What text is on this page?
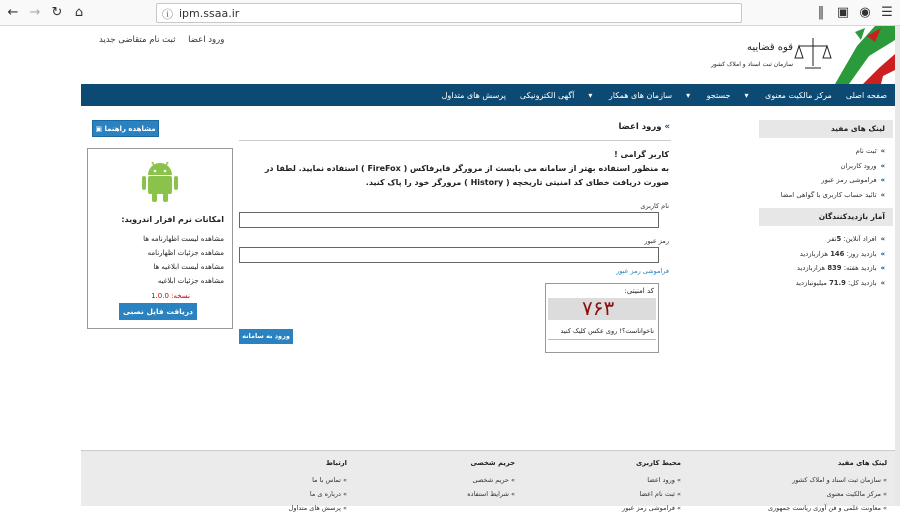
← → ↻ ⌂	ⓘ ipm.ssaa.ir	‖ ▣ ◉ ☰
ورود اعضا ثبت نام متقاضی جدید
قوه قضاییه
سازمان ثبت اسناد و املاک کشور
صفحه اصلی
▾ مرکز مالکیت معنوی
▾ جستجو
▾ سازمان های همکار
آگهی الکترونیکی
پرسش های متداول
لینک های مفید
»ثبت نام
»ورود کاربران
»فراموشی رمز عبور
»تائید حساب کاربری با گواهی امضا
آمار بازدیدکنندگان
»افراد آنلاین: 5نفر
»بازدید روز: 146 هزاربازدید
»بازدید هفته: 839 هزاربازدید
»بازدید کل: 71.9 میلیونبازدید
▣ مشاهده راهنما	» ورود اعضا
کاربر گرامی !
به منظور استفاده بهتر از سامانه می بایست از مرورگر فایرفاکس ( FireFox ) استفاده نمایید. لطفا در صورت دریافت خطای کد امنیتی تاریخچه ( History ) مرورگر خود را پاک کنید.
نام کاربری
رمز عبور
فراموشی رمز عبور
کد امنیتی:
۷۶۳
ناخواناست؟! روی عکس کلیک کنید
ورود به سامانه
امکانات نرم افزار اندروید:
مشاهده لیست اظهارنامه ها
مشاهده جزئیات اظهارنامه
مشاهده لیست ابلاغیه ها
مشاهده جزئیات ابلاغیه
نسخه: 1.0.0
دریافت فایل نصبی
لینک های مفید
» سازمان ثبت اسناد و املاک کشور
» مرکز مالکیت معنوی
» معاونت علمی و فن آوری ریاست جمهوری
محیط کاربری
» ورود اعضا
» ثبت نام اعضا
» فراموشی رمز عبور
حریم شخصی
» حریم شخصی
» شرایط استفاده
ارتباط
» تماس با ما
» درباره ی ما
» پرسش های متداول
